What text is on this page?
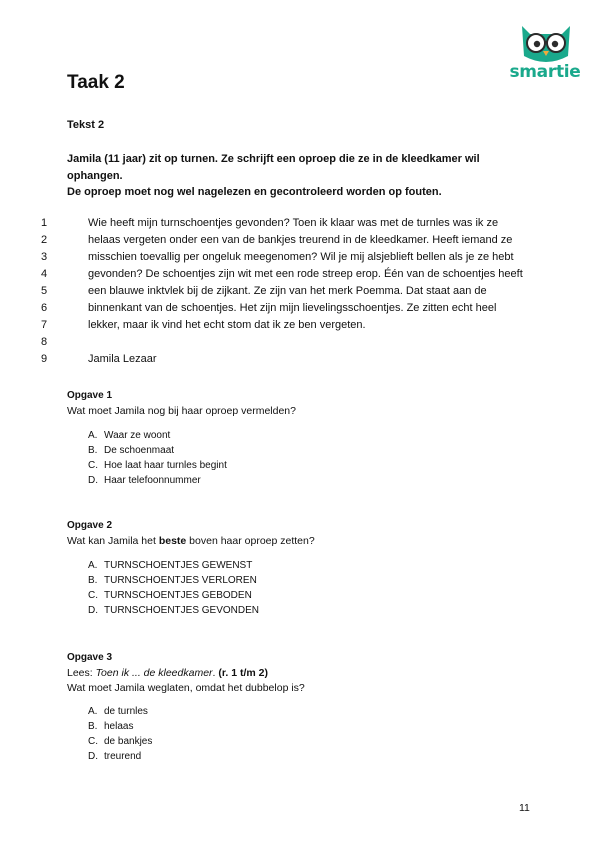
smartie
Taak 2
Tekst 2
Jamila (11 jaar) zit op turnen. Ze schrijft een oproep die ze in de kleedkamer wil ophangen.
De oproep moet nog wel nagelezen en gecontroleerd worden op fouten.
1	Wie heeft mijn turnschoentjes gevonden? Toen ik klaar was met de turnles was ik ze
2	helaas vergeten onder een van de bankjes treurend in de kleedkamer. Heeft iemand ze
3	misschien toevallig per ongeluk meegenomen? Wil je mij alsjeblieft bellen als je ze hebt
4	gevonden? De schoentjes zijn wit met een rode streep erop. Één van de schoentjes heeft
5	een blauwe inktvlek bij de zijkant. Ze zijn van het merk Poemma. Dat staat aan de
6	binnenkant van de schoentjes. Het zijn mijn lievelingsschoentjes. Ze zitten echt heel
7	lekker, maar ik vind het echt stom dat ik ze ben vergeten.
8
9	Jamila Lezaar
Opgave 1
Wat moet Jamila nog bij haar oproep vermelden?
A. Waar ze woont
B. De schoenmaat
C. Hoe laat haar turnles begint
D. Haar telefoonnummer
Opgave 2
Wat kan Jamila het beste boven haar oproep zetten?
A. TURNSCHOENTJES GEWENST
B. TURNSCHOENTJES VERLOREN
C. TURNSCHOENTJES GEBODEN
D. TURNSCHOENTJES GEVONDEN
Opgave 3
Lees: Toen ik ... de kleedkamer. (r. 1 t/m 2)
Wat moet Jamila weglaten, omdat het dubbelop is?
A. de turnles
B. helaas
C. de bankjes
D. treurend
11
